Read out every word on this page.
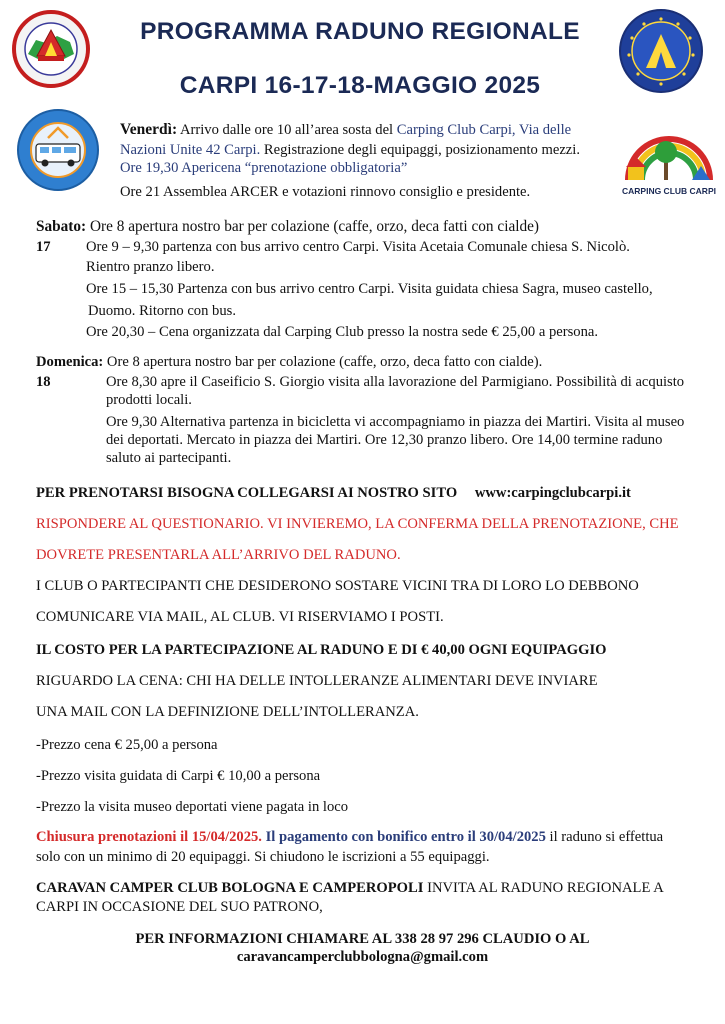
PROGRAMMA RADUNO REGIONALE
CARPI 16-17-18-MAGGIO 2025
CARPING CLUB CARPI
Venerdì: Arrivo dalle ore 10 all’area sosta del Carping Club Carpi, Via delle
Nazioni Unite 42 Carpi. Registrazione degli equipaggi, posizionamento mezzi.
Ore 19,30 Apericena “prenotazione obbligatoria”
Ore 21 Assemblea ARCER e votazioni rinnovo consiglio e presidente.
Sabato: Ore 8 apertura nostro bar per colazione (caffe, orzo, deca fatti con cialde)
17 Ore 9 – 9,30 partenza con bus arrivo centro Carpi. Visita Acetaia Comunale chiesa S. Nicolò.
Rientro pranzo libero.
Ore 15 – 15,30 Partenza con bus arrivo centro Carpi. Visita guidata chiesa Sagra, museo castello,
Duomo. Ritorno con bus.
Ore 20,30 – Cena organizzata dal Carping Club presso la nostra sede € 25,00 a persona.
Domenica: Ore 8 apertura nostro bar per colazione (caffe, orzo, deca fatto con cialde).
18	Ore 8,30 apre il Caseificio S. Giorgio visita alla lavorazione del Parmigiano. Possibilità di acquisto
prodotti locali.
Ore 9,30 Alternativa partenza in bicicletta vi accompagniamo in piazza dei Martiri. Visita al museo
dei deportati. Mercato in piazza dei Martiri. Ore 12,30 pranzo libero. Ore 14,00 termine raduno
saluto ai partecipanti.
PER PRENOTARSI BISOGNA COLLEGARSI AI NOSTRO SITO www:carpingclubcarpi.it
RISPONDERE AL QUESTIONARIO. VI INVIEREMO, LA CONFERMA DELLA PRENOTAZIONE, CHE
DOVRETE PRESENTARLA ALL’ARRIVO DEL RADUNO.
I CLUB O PARTECIPANTI CHE DESIDERONO SOSTARE VICINI TRA DI LORO LO DEBBONO
COMUNICARE VIA MAIL, AL CLUB. VI RISERVIAMO I POSTI.
IL COSTO PER LA PARTECIPAZIONE AL RADUNO E DI € 40,00 OGNI EQUIPAGGIO
RIGUARDO LA CENA: CHI HA DELLE INTOLLERANZE ALIMENTARI DEVE INVIARE
UNA MAIL CON LA DEFINIZIONE DELL’INTOLLERANZA.
-Prezzo cena € 25,00 a persona
-Prezzo visita guidata di Carpi € 10,00 a persona
-Prezzo la visita museo deportati viene pagata in loco
Chiusura prenotazioni il 15/04/2025. Il pagamento con bonifico entro il 30/04/2025 il raduno si effettua
solo con un minimo di 20 equipaggi. Si chiudono le iscrizioni a 55 equipaggi.
CARAVAN CAMPER CLUB BOLOGNA E CAMPEROPOLI INVITA AL RADUNO REGIONALE A
CARPI IN OCCASIONE DEL SUO PATRONO,
PER INFORMAZIONI CHIAMARE AL 338 28 97 296 CLAUDIO O AL
caravancamperclubbologna@gmail.com
